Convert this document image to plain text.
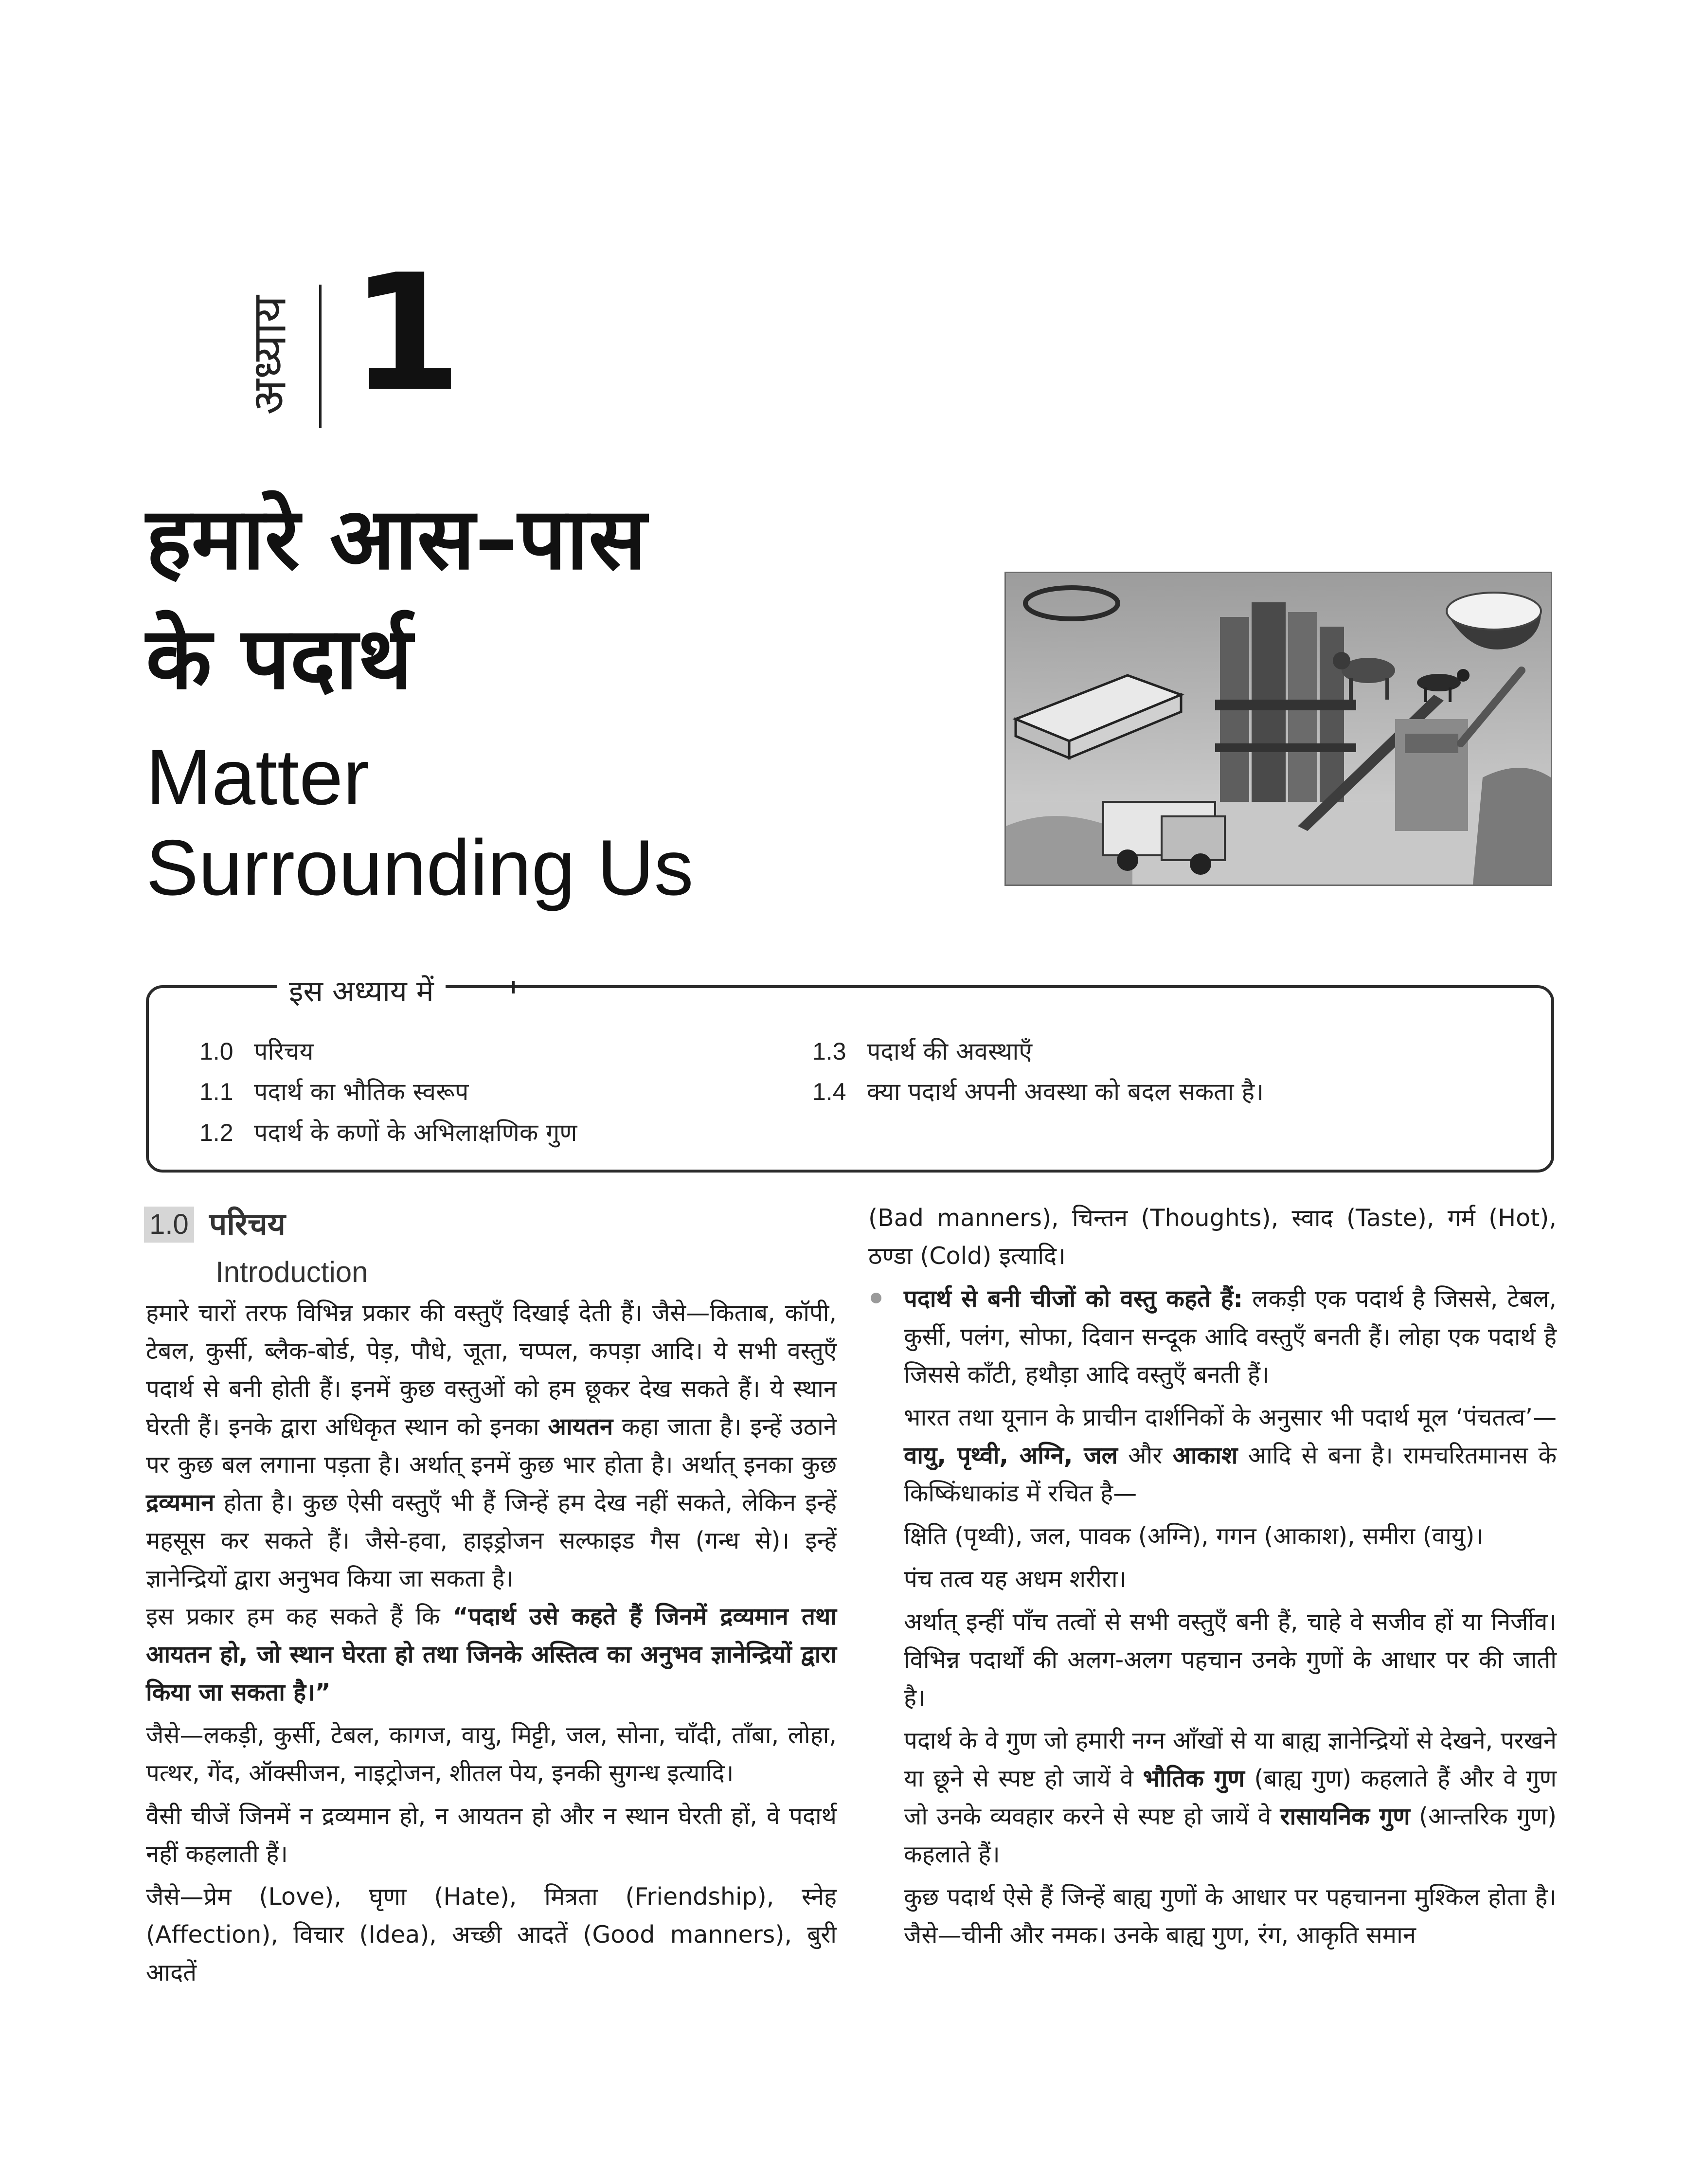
अध्याय 1
हमारे आस–पास
के पदार्थ
Matter
Surrounding Us
इस अध्याय में
1.0 परिचय
1.1 पदार्थ का भौतिक स्वरूप
1.2 पदार्थ के कणों के अभिलाक्षणिक गुण
1.3 पदार्थ की अवस्थाएँ
1.4 क्या पदार्थ अपनी अवस्था को बदल सकता है।
1.0 परिचय
Introduction

हमारे चारों तरफ विभिन्न प्रकार की वस्तुएँ दिखाई देती हैं। जैसे—किताब, कॉपी, टेबल, कुर्सी, ब्लैक-बोर्ड, पेड़, पौधे, जूता, चप्पल, कपड़ा आदि। ये सभी वस्तुएँ पदार्थ से बनी होती हैं। इनमें कुछ वस्तुओं को हम छूकर देख सकते हैं। ये स्थान घेरती हैं। इनके द्वारा अधिकृत स्थान को इनका आयतन कहा जाता है। इन्हें उठाने पर कुछ बल लगाना पड़ता है। अर्थात् इनमें कुछ भार होता है। अर्थात् इनका कुछ द्रव्यमान होता है। कुछ ऐसी वस्तुएँ भी हैं जिन्हें हम देख नहीं सकते, लेकिन इन्हें महसूस कर सकते हैं। जैसे-हवा, हाइड्रोजन सल्फाइड गैस (गन्ध से)। इन्हें ज्ञानेन्द्रियों द्वारा अनुभव किया जा सकता है।

इस प्रकार हम कह सकते हैं कि “पदार्थ उसे कहते हैं जिनमें द्रव्यमान तथा आयतन हो, जो स्थान घेरता हो तथा जिनके अस्तित्व का अनुभव ज्ञानेन्द्रियों द्वारा किया जा सकता है।”

जैसे—लकड़ी, कुर्सी, टेबल, कागज, वायु, मिट्टी, जल, सोना, चाँदी, ताँबा, लोहा, पत्थर, गेंद, ऑक्सीजन, नाइट्रोजन, शीतल पेय, इनकी सुगन्ध इत्यादि।

वैसी चीजें जिनमें न द्रव्यमान हो, न आयतन हो और न स्थान घेरती हों, वे पदार्थ नहीं कहलाती हैं।

जैसे—प्रेम (Love), घृणा (Hate), मित्रता (Friendship), स्नेह (Affection), विचार (Idea), अच्छी आदतें (Good manners), बुरी आदतें

(Bad manners), चिन्तन (Thoughts), स्वाद (Taste), गर्म (Hot), ठण्डा (Cold) इत्यादि।

पदार्थ से बनी चीजों को वस्तु कहते हैं: लकड़ी एक पदार्थ है जिससे, टेबल, कुर्सी, पलंग, सोफा, दिवान सन्दूक आदि वस्तुएँ बनती हैं। लोहा एक पदार्थ है जिससे काँटी, हथौड़ा आदि वस्तुएँ बनती हैं।

भारत तथा यूनान के प्राचीन दार्शनिकों के अनुसार भी पदार्थ मूल ‘पंचतत्व’—वायु, पृथ्वी, अग्नि, जल और आकाश आदि से बना है। रामचरितमानस के किष्किंधाकांड में रचित है—

क्षिति (पृथ्वी), जल, पावक (अग्नि), गगन (आकाश), समीरा (वायु)।

पंच तत्व यह अधम शरीरा।

अर्थात् इन्हीं पाँच तत्वों से सभी वस्तुएँ बनी हैं, चाहे वे सजीव हों या निर्जीव। विभिन्न पदार्थों की अलग-अलग पहचान उनके गुणों के आधार पर की जाती है।

पदार्थ के वे गुण जो हमारी नग्न आँखों से या बाह्य ज्ञानेन्द्रियों से देखने, परखने या छूने से स्पष्ट हो जायें वे भौतिक गुण (बाह्य गुण) कहलाते हैं और वे गुण जो उनके व्यवहार करने से स्पष्ट हो जायें वे रासायनिक गुण (आन्तरिक गुण) कहलाते हैं।

कुछ पदार्थ ऐसे हैं जिन्हें बाह्य गुणों के आधार पर पहचानना मुश्किल होता है। जैसे—चीनी और नमक। उनके बाह्य गुण, रंग, आकृति समान
